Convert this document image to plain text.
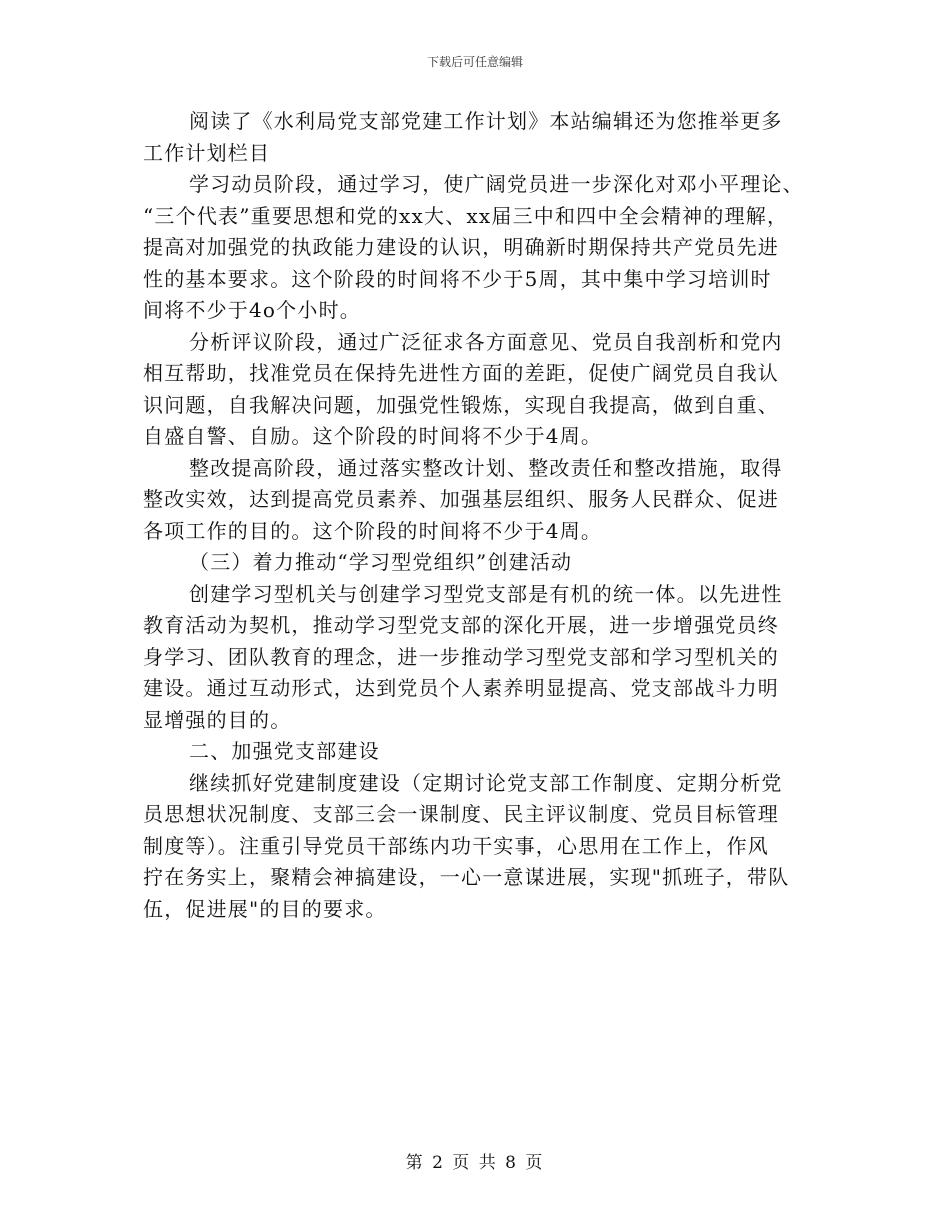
下载后可任意编辑
阅读了《水利局党支部党建工作计划》本站编辑还为您推举更多
工作计划栏目
学习动员阶段，通过学习，使广阔党员进一步深化对邓小平理论、
“三个代表”重要思想和党的xx大、xx届三中和四中全会精神的理解，
提高对加强党的执政能力建设的认识，明确新时期保持共产党员先进
性的基本要求。这个阶段的时间将不少于5周，其中集中学习培训时
间将不少于4o个小时。
分析评议阶段，通过广泛征求各方面意见、党员自我剖析和党内
相互帮助，找准党员在保持先进性方面的差距，促使广阔党员自我认
识问题，自我解决问题，加强党性锻炼，实现自我提高，做到自重、
自盛自警、自励。这个阶段的时间将不少于4周。
整改提高阶段，通过落实整改计划、整改责任和整改措施，取得
整改实效，达到提高党员素养、加强基层组织、服务人民群众、促进
各项工作的目的。这个阶段的时间将不少于4周。
（三）着力推动“学习型党组织”创建活动
创建学习型机关与创建学习型党支部是有机的统一体。以先进性
教育活动为契机，推动学习型党支部的深化开展，进一步增强党员终
身学习、团队教育的理念，进一步推动学习型党支部和学习型机关的
建设。通过互动形式，达到党员个人素养明显提高、党支部战斗力明
显增强的目的。
二、加强党支部建设
继续抓好党建制度建设（定期讨论党支部工作制度、定期分析党
员思想状况制度、支部三会一课制度、民主评议制度、党员目标管理
制度等）。注重引导党员干部练内功干实事，心思用在工作上，作风
拧在务实上，聚精会神搞建设，一心一意谋进展，实现"抓班子，带队
伍，促进展"的目的要求。
第 2 页 共 8 页
